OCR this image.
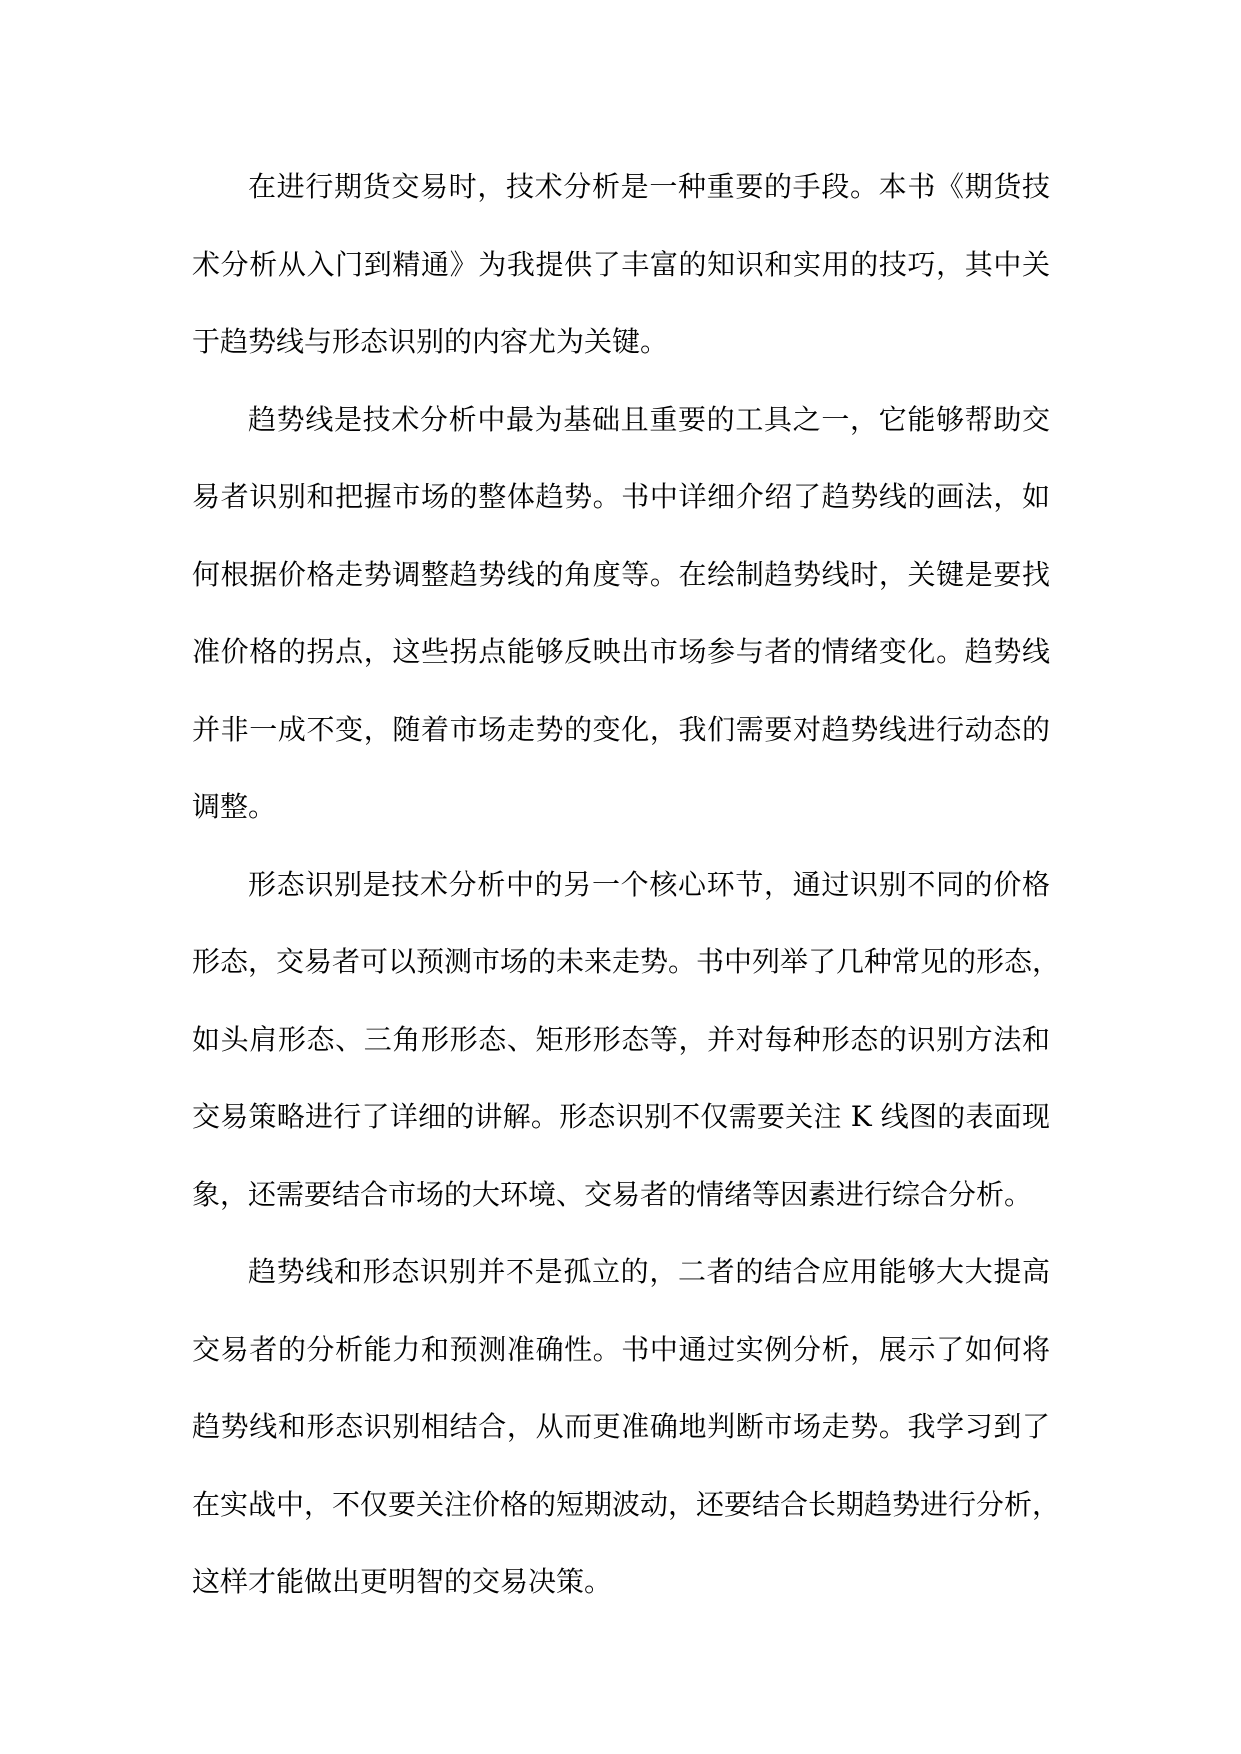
在进行期货交易时，技术分析是一种重要的手段。本书《期货技
术分析从入门到精通》为我提供了丰富的知识和实用的技巧，其中关
于趋势线与形态识别的内容尤为关键。
趋势线是技术分析中最为基础且重要的工具之一，它能够帮助交
易者识别和把握市场的整体趋势。书中详细介绍了趋势线的画法，如
何根据价格走势调整趋势线的角度等。在绘制趋势线时，关键是要找
准价格的拐点，这些拐点能够反映出市场参与者的情绪变化。趋势线
并非一成不变，随着市场走势的变化，我们需要对趋势线进行动态的
调整。
形态识别是技术分析中的另一个核心环节，通过识别不同的价格
形态，交易者可以预测市场的未来走势。书中列举了几种常见的形态，
如头肩形态、三角形形态、矩形形态等，并对每种形态的识别方法和
交易策略进行了详细的讲解。形态识别不仅需要关注 K 线图的表面现
象，还需要结合市场的大环境、交易者的情绪等因素进行综合分析。
趋势线和形态识别并不是孤立的，二者的结合应用能够大大提高
交易者的分析能力和预测准确性。书中通过实例分析，展示了如何将
趋势线和形态识别相结合，从而更准确地判断市场走势。我学习到了
在实战中，不仅要关注价格的短期波动，还要结合长期趋势进行分析，
这样才能做出更明智的交易决策。
